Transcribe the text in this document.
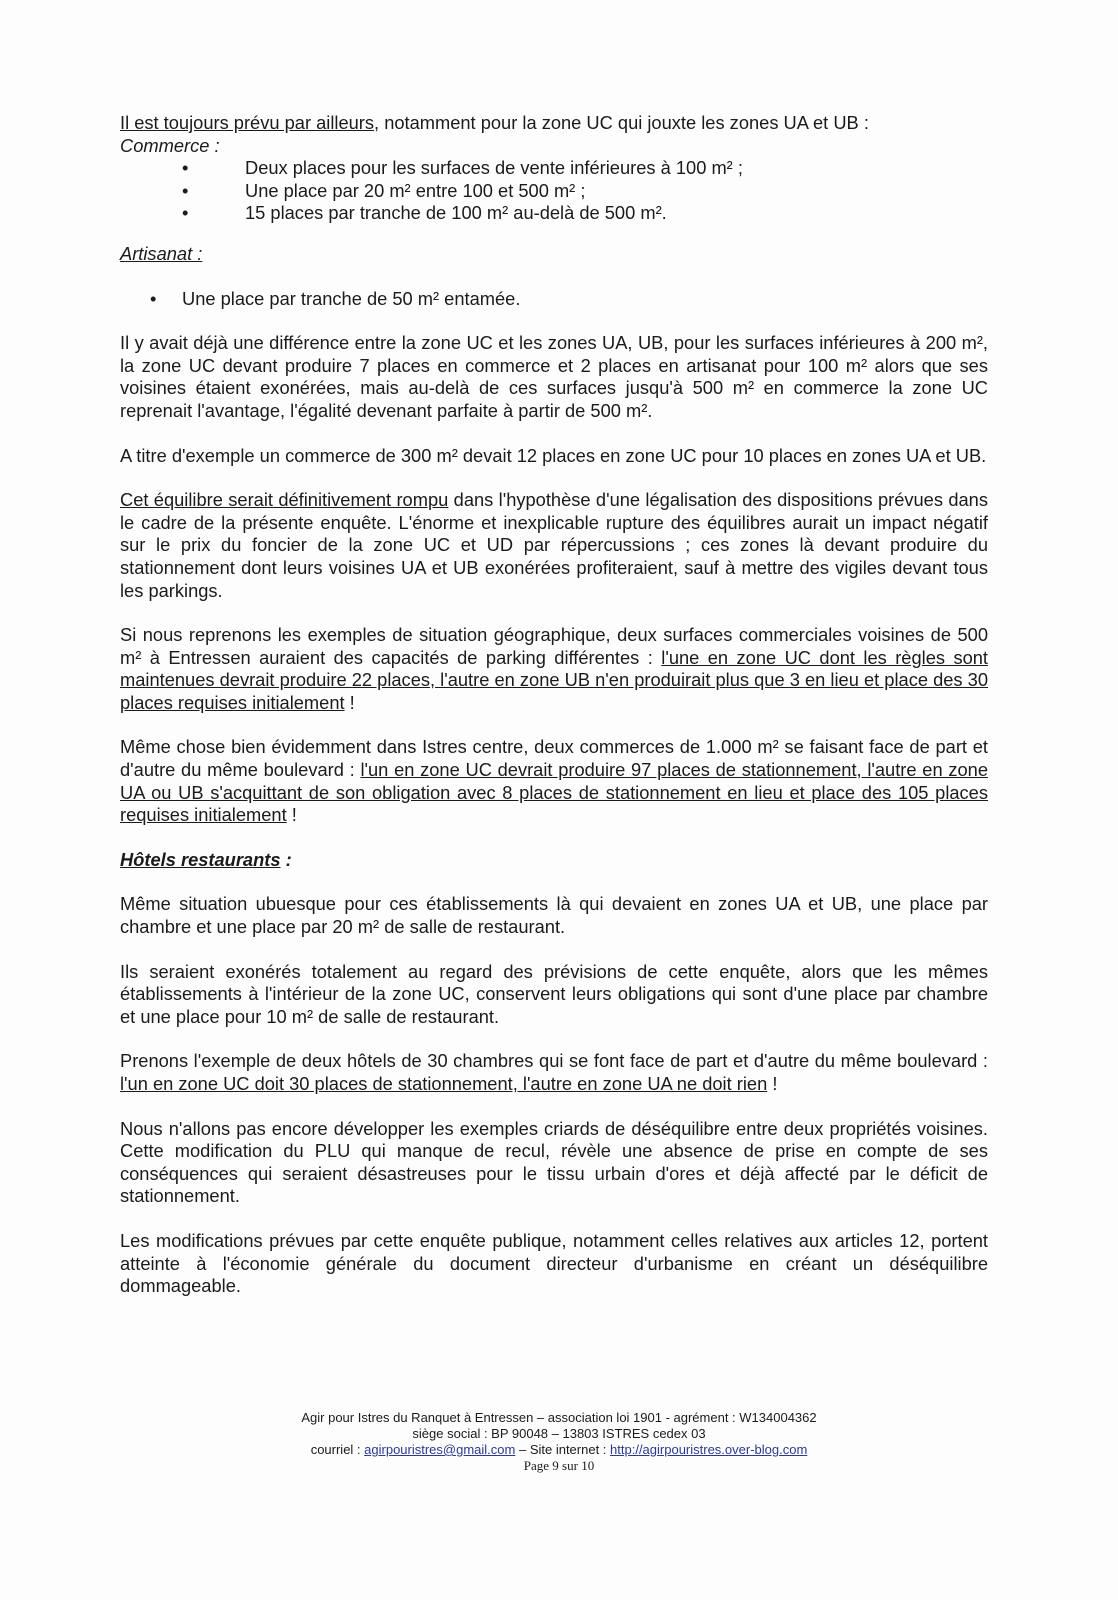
Il est toujours prévu par ailleurs, notamment pour la zone UC qui jouxte les zones UA et UB :

Commerce :

•	Deux places pour les surfaces de vente inférieures à 100 m² ;
•	Une place par 20 m² entre 100 et 500 m² ;
•	15 places par tranche de 100 m² au-delà de 500 m².

Artisanat :

• Une place par tranche de 50 m² entamée.

Il y avait déjà une différence entre la zone UC et les zones UA, UB, pour les surfaces inférieures à 200 m², la zone UC devant produire 7 places en commerce et 2 places en artisanat pour 100 m² alors que ses voisines étaient exonérées, mais au-delà de ces surfaces jusqu'à 500 m² en commerce la zone UC reprenait l'avantage, l'égalité devenant parfaite à partir de 500 m².

A titre d'exemple un commerce de 300 m² devait 12 places en zone UC pour 10 places en zones UA et UB.

Cet équilibre serait définitivement rompu dans l'hypothèse d'une légalisation des dispositions prévues dans le cadre de la présente enquête. L'énorme et inexplicable rupture des équilibres aurait un impact négatif sur le prix du foncier de la zone UC et UD par répercussions ; ces zones là devant produire du stationnement dont leurs voisines UA et UB exonérées profiteraient, sauf à mettre des vigiles devant tous les parkings.

Si nous reprenons les exemples de situation géographique, deux surfaces commerciales voisines de 500 m² à Entressen auraient des capacités de parking différentes : l'une en zone UC dont les règles sont maintenues devrait produire 22 places, l'autre en zone UB n'en produirait plus que 3 en lieu et place des 30 places requises initialement !

Même chose bien évidemment dans Istres centre, deux commerces de 1.000 m² se faisant face de part et d'autre du même boulevard : l'un en zone UC devrait produire 97 places de stationnement, l'autre en zone UA ou UB s'acquittant de son obligation avec 8 places de stationnement en lieu et place des 105 places requises initialement !

Hôtels restaurants :

Même situation ubuesque pour ces établissements là qui devaient en zones UA et UB, une place par chambre et une place par 20 m² de salle de restaurant.

Ils seraient exonérés totalement au regard des prévisions de cette enquête, alors que les mêmes établissements à l'intérieur de la zone UC, conservent leurs obligations qui sont d'une place par chambre et une place pour 10 m² de salle de restaurant.

Prenons l'exemple de deux hôtels de 30 chambres qui se font face de part et d'autre du même boulevard : l'un en zone UC doit 30 places de stationnement, l'autre en zone UA ne doit rien !

Nous n'allons pas encore développer les exemples criards de déséquilibre entre deux propriétés voisines. Cette modification du PLU qui manque de recul, révèle une absence de prise en compte de ses conséquences qui seraient désastreuses pour le tissu urbain d'ores et déjà affecté par le déficit de stationnement.

Les modifications prévues par cette enquête publique, notamment celles relatives aux articles 12, portent atteinte à l'économie générale du document directeur d'urbanisme en créant un déséquilibre dommageable.

Agir pour Istres du Ranquet à Entressen – association loi 1901 - agrément : W134004362
siège social : BP 90048 – 13803 ISTRES cedex 03
courriel : agirpouristres@gmail.com – Site internet : http://agirpouristres.over-blog.com
Page 9 sur 10
